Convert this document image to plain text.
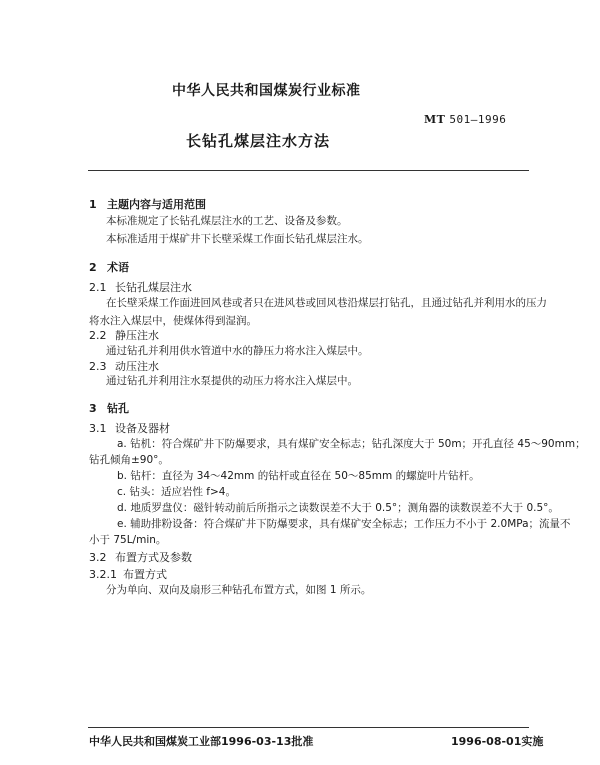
中华人民共和国煤炭行业标准
MT 501—1996
长钻孔煤层注水方法
1 主题内容与适用范围
本标准规定了长钻孔煤层注水的工艺、设备及参数。
本标准适用于煤矿井下长壁采煤工作面长钻孔煤层注水。
2 术语
2.1 长钻孔煤层注水
在长壁采煤工作面进回风巷或者只在进风巷或回风巷沿煤层打钻孔，且通过钻孔并利用水的压力
将水注入煤层中，使煤体得到湿润。
2.2 静压注水
通过钻孔并利用供水管道中水的静压力将水注入煤层中。
2.3 动压注水
通过钻孔并利用注水泵提供的动压力将水注入煤层中。
3 钻孔
3.1 设备及器材
a. 钻机：符合煤矿井下防爆要求，具有煤矿安全标志；钻孔深度大于 50m；开孔直径 45～90mm；
钻孔倾角±90°。
b. 钻杆：直径为 34～42mm 的钻杆或直径在 50～85mm 的螺旋叶片钻杆。
c. 钻头：适应岩性 f>4。
d. 地质罗盘仪：磁针转动前后所指示之读数误差不大于 0.5°；测角器的读数误差不大于 0.5°。
e. 辅助排粉设备：符合煤矿井下防爆要求，具有煤矿安全标志；工作压力不小于 2.0MPa；流量不
小于 75L/min。
3.2 布置方式及参数
3.2.1 布置方式
分为单向、双向及扇形三种钻孔布置方式，如图 1 所示。
中华人民共和国煤炭工业部1996-03-13批准	1996-08-01实施
